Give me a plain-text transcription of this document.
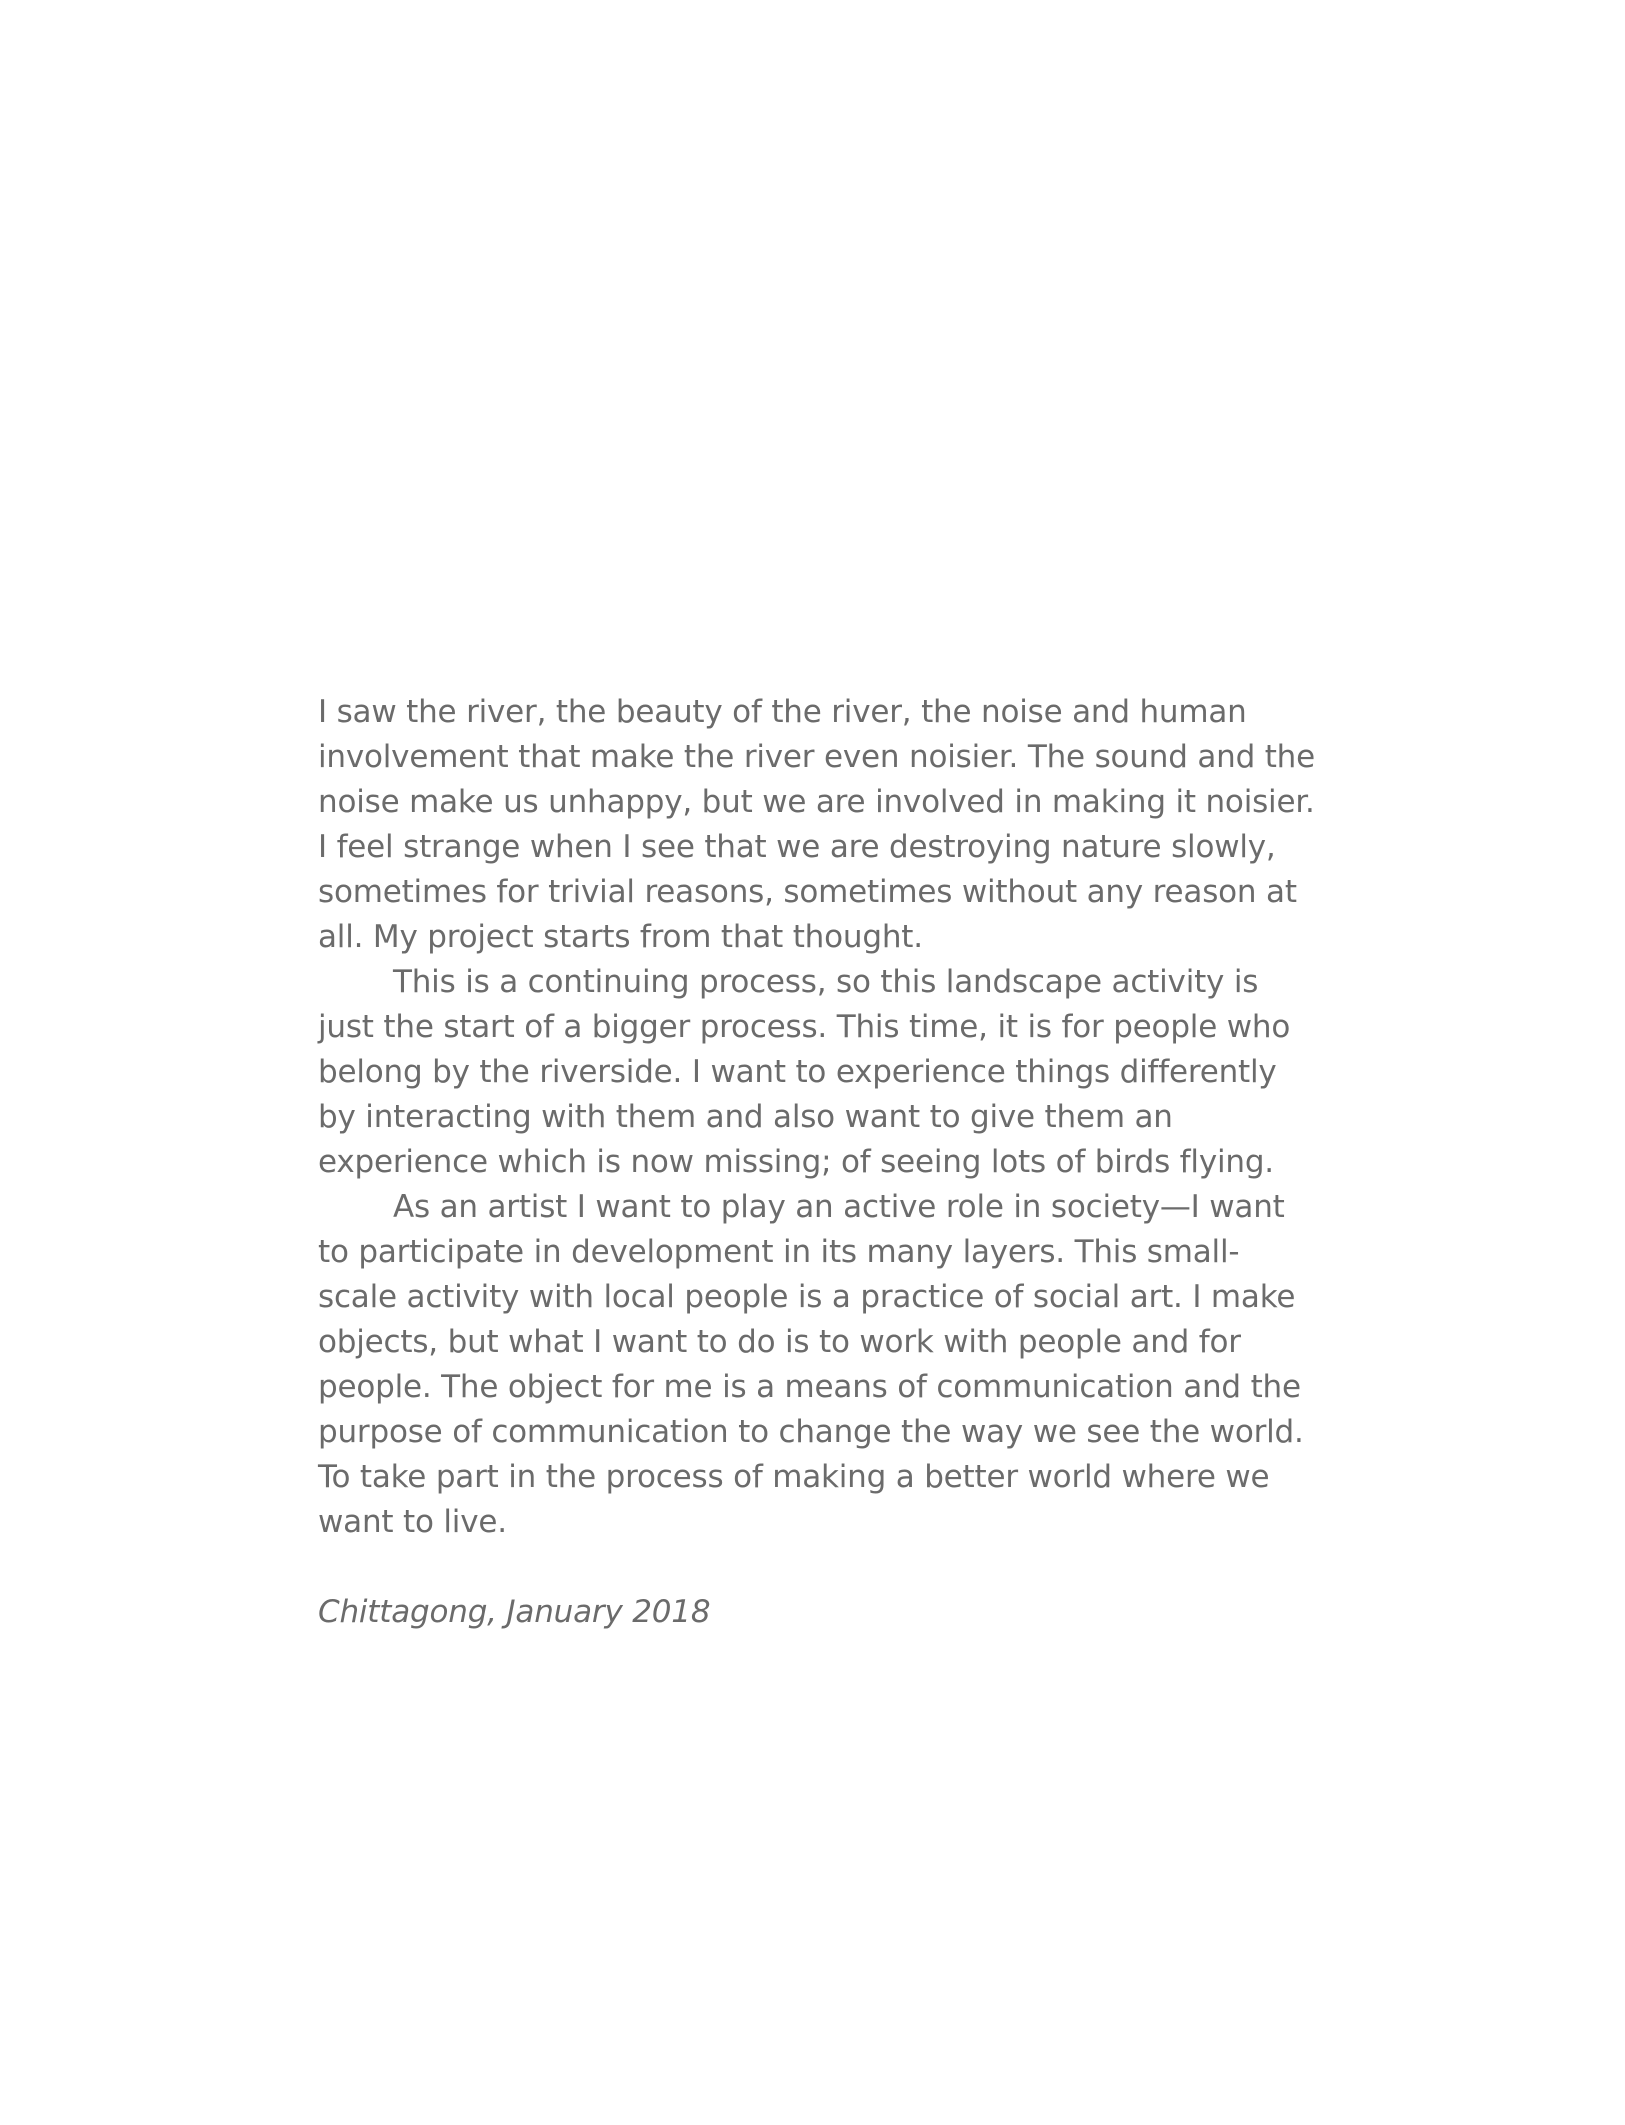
I saw the river, the beauty of the river, the noise and human involvement that make the river even noisier. The sound and the noise make us unhappy, but we are involved in making it noisier. I feel strange when I see that we are destroying nature slowly, sometimes for trivial reasons, sometimes without any reason at all. My project starts from that thought.

This is a continuing process, so this landscape activity is just the start of a bigger process. This time, it is for people who belong by the riverside. I want to experience things differently by interacting with them and also want to give them an experience which is now missing; of seeing lots of birds flying.

As an artist I want to play an active role in society—I want to participate in development in its many layers. This small-scale activity with local people is a practice of social art. I make objects, but what I want to do is to work with people and for people. The object for me is a means of communication and the purpose of communication to change the way we see the world. To take part in the process of making a better world where we want to live.

Chittagong, January 2018
